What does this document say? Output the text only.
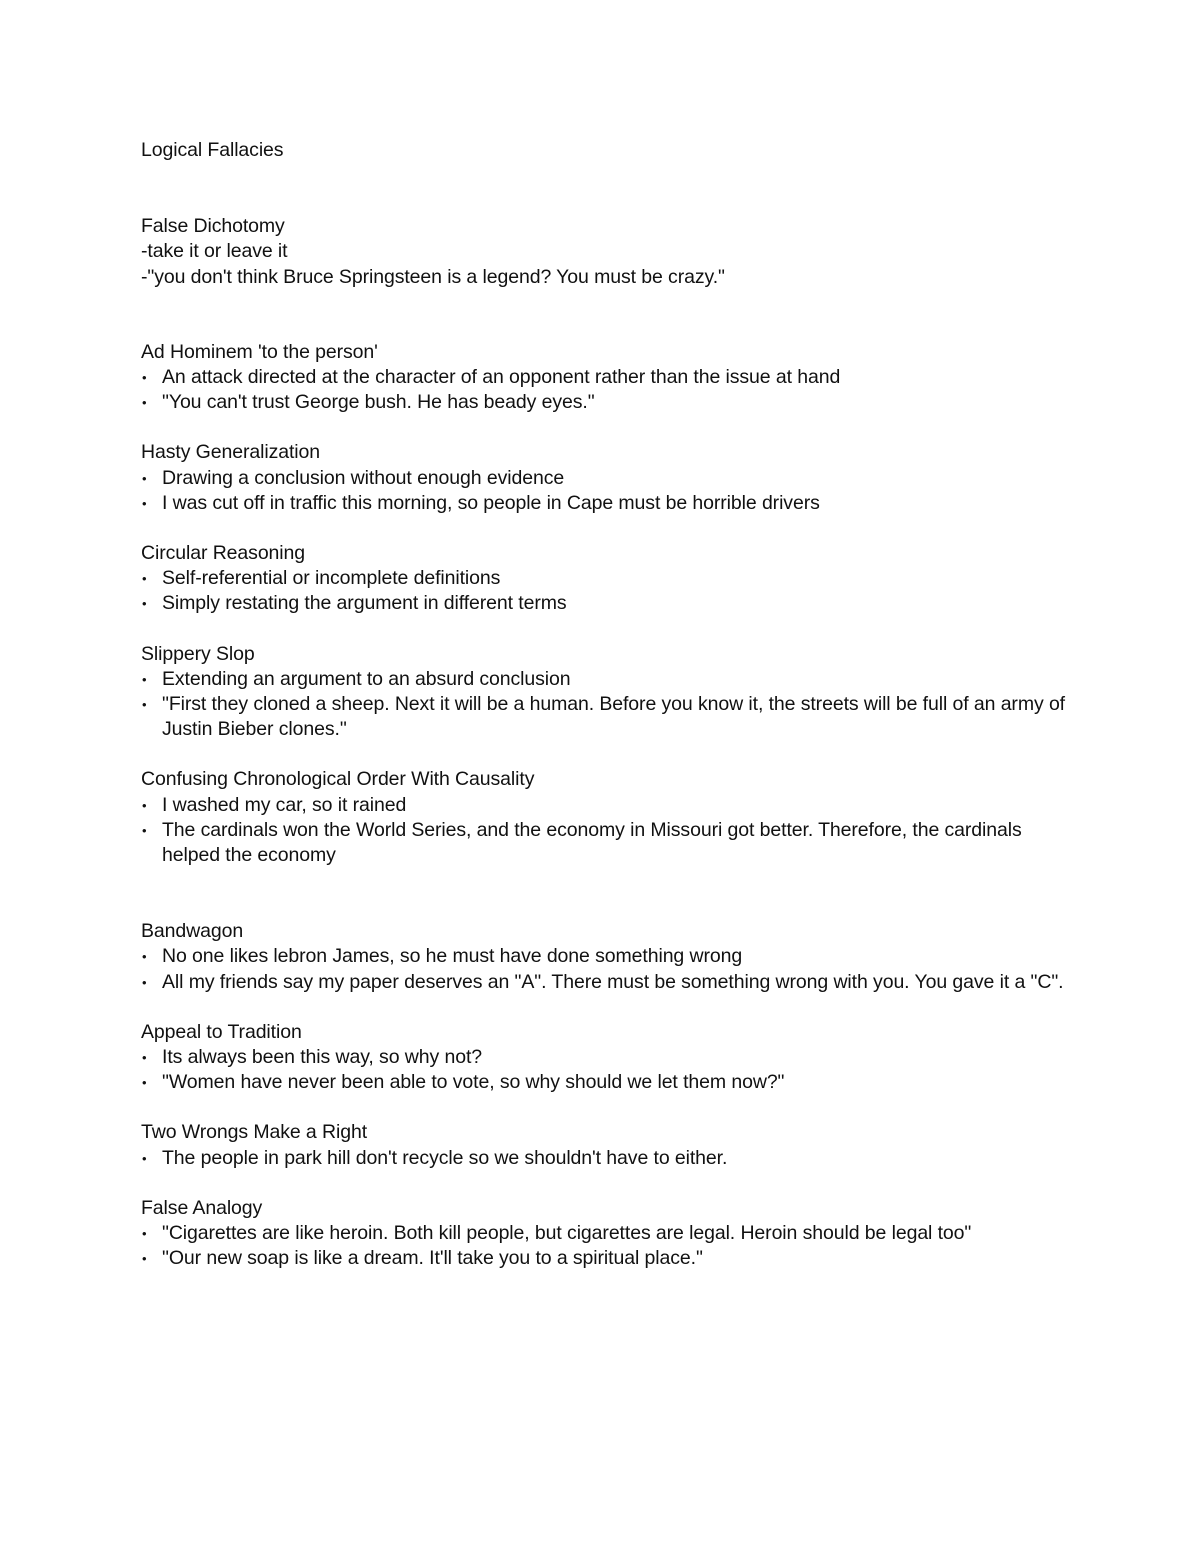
Logical Fallacies
False Dichotomy

-take it or leave it

-"you don't think Bruce Springsteen is a legend? You must be crazy."

Ad Hominem 'to the person'
• An attack directed at the character of an opponent rather than the issue at hand
• "You can't trust George bush. He has beady eyes."
Hasty Generalization
• Drawing a conclusion without enough evidence
• I was cut off in traffic this morning, so people in Cape must be horrible drivers
Circular Reasoning
• Self-referential or incomplete definitions
• Simply restating the argument in different terms
Slippery Slop
• Extending an argument to an absurd conclusion
• "First they cloned a sheep. Next it will be a human. Before you know it, the streets will be full of an army of Justin Bieber clones."
Confusing Chronological Order With Causality
• I washed my car, so it rained
• The cardinals won the World Series, and the economy in Missouri got better. Therefore, the cardinals helped the economy
Bandwagon
• No one likes lebron James, so he must have done something wrong
• All my friends say my paper deserves an "A". There must be something wrong with you. You gave it a "C".
Appeal to Tradition
• Its always been this way, so why not?
• "Women have never been able to vote, so why should we let them now?"
Two Wrongs Make a Right
• The people in park hill don't recycle so we shouldn't have to either.
False Analogy
• "Cigarettes are like heroin. Both kill people, but cigarettes are legal. Heroin should be legal too"
• "Our new soap is like a dream. It'll take you to a spiritual place."
